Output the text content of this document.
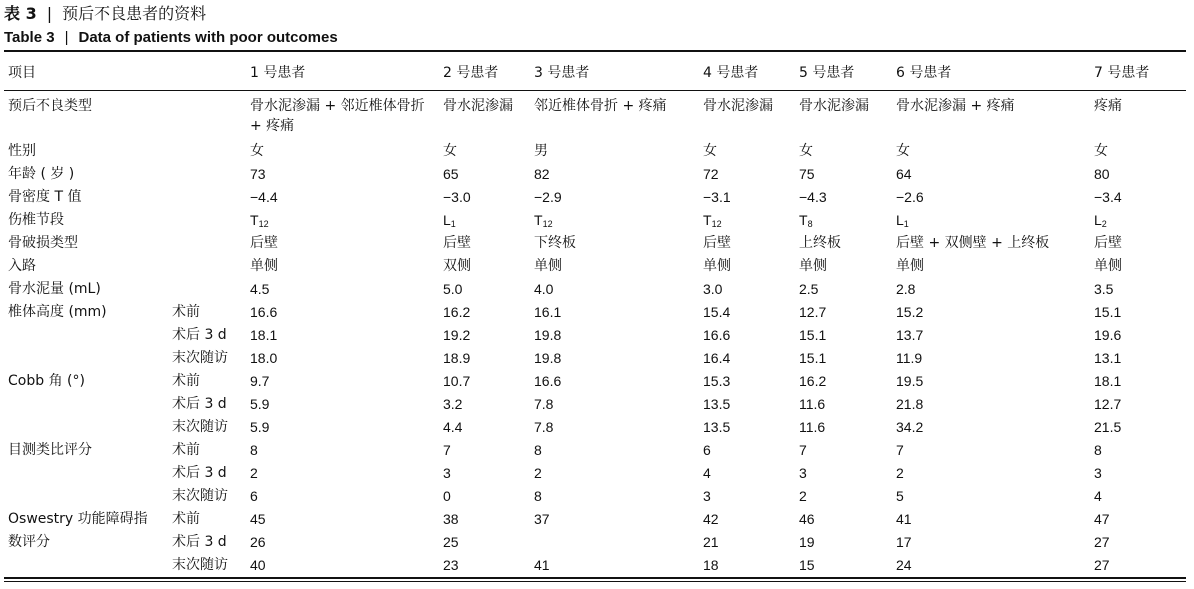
表 3 | 预后不良患者的资料
Table 3 | Data of patients with poor outcomes
项目		1 号患者	2 号患者	3 号患者	4 号患者	5 号患者	6 号患者	7 号患者
预后不良类型		骨水泥渗漏 + 邻近椎体骨折 + 疼痛	骨水泥渗漏	邻近椎体骨折 + 疼痛	骨水泥渗漏	骨水泥渗漏	骨水泥渗漏 + 疼痛	疼痛
性别		女	女	男	女	女	女	女
年龄 ( 岁 )		73	65	82	72	75	64	80
骨密度 T 值		−4.4	−3.0	−2.9	−3.1	−4.3	−2.6	−3.4
伤椎节段		$T_{12}$	$L_1$	$T_{12}$	$T_{12}$	$T_8$	$L_1$	$L_2$
骨破损类型		后壁	后壁	下终板	后壁	上终板	后壁 + 双侧壁 + 上终板	后壁
入路		单侧	双侧	单侧	单侧	单侧	单侧	单侧
骨水泥量 (mL)		4.5	5.0	4.0	3.0	2.5	2.8	3.5
椎体高度 (mm)	术前	16.6	16.2	16.1	15.4	12.7	15.2	15.1
	术后 3 d	18.1	19.2	19.8	16.6	15.1	13.7	19.6
	末次随访	18.0	18.9	19.8	16.4	15.1	11.9	13.1
Cobb 角 (°)	术前	9.7	10.7	16.6	15.3	16.2	19.5	18.1
	术后 3 d	5.9	3.2	7.8	13.5	11.6	21.8	12.7
	末次随访	5.9	4.4	7.8	13.5	11.6	34.2	21.5
目测类比评分	术前	8	7	8	6	7	7	8
	术后 3 d	2	3	2	4	3	2	3
	末次随访	6	0	8	3	2	5	4
Oswestry 功能障碍指	术前	45	38	37	42	46	41	47
数评分	术后 3 d	26	25		21	19	17	27
	末次随访	40	23	41	18	15	24	27
